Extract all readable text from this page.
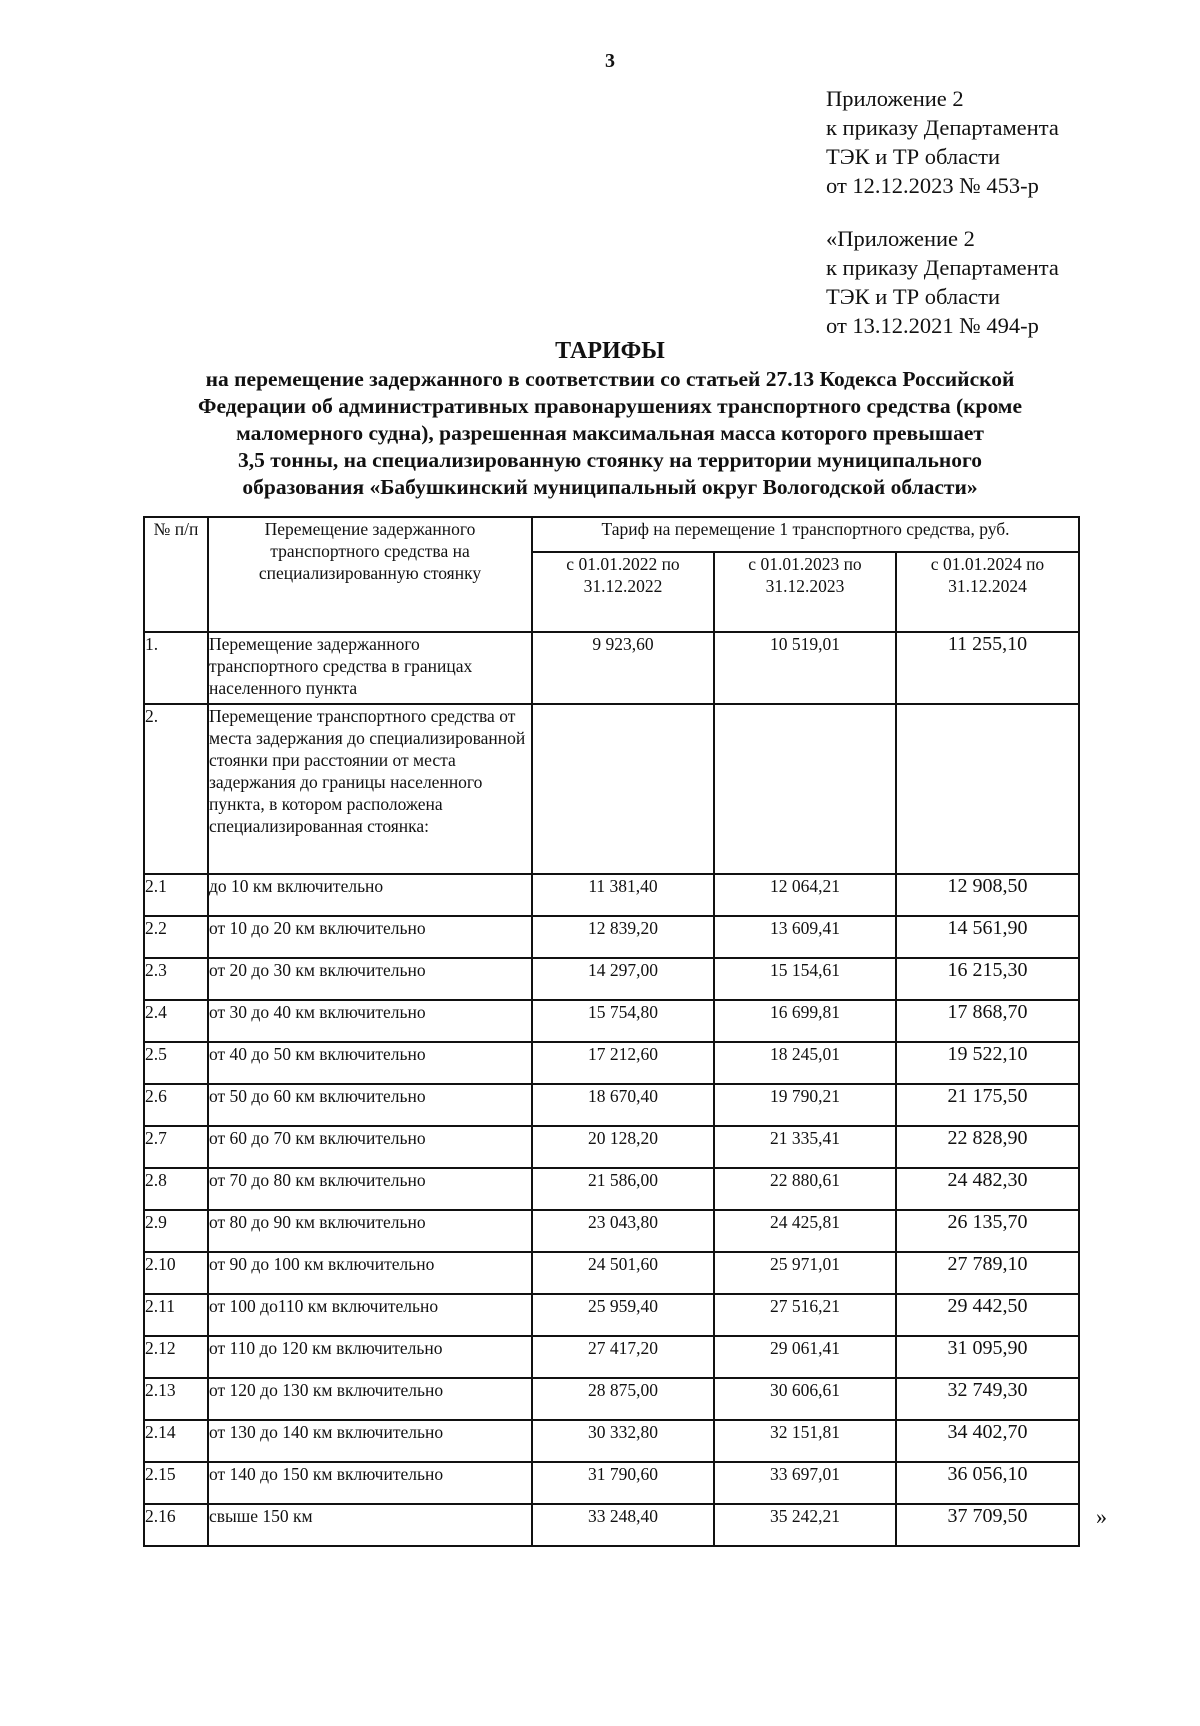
3
Приложение 2
к приказу Департамента
ТЭК и ТР области
от 12.12.2023 № 453-р
«Приложение 2
к приказу Департамента
ТЭК и ТР области
от 13.12.2021 № 494-р
ТАРИФЫ
на перемещение задержанного в соответствии со статьей 27.13 Кодекса Российской
Федерации об административных правонарушениях транспортного средства (кроме
маломерного судна), разрешенная максимальная масса которого превышает
3,5 тонны, на специализированную стоянку на территории муниципального
образования «Бабушкинский муниципальный округ Вологодской области»
№ п/п	Перемещение задержанного транспортного средства на специализированную стоянку	Тариф на перемещение 1 транспортного средства, руб.		
		с 01.01.2022 по 31.12.2022	с 01.01.2023 по 31.12.2023	с 01.01.2024 по 31.12.2024
1.	Перемещение задержанного транспортного средства в границах населенного пункта	9 923,60	10 519,01	11 255,10
2.	Перемещение транспортного средства от места задержания до специализированной стоянки при расстоянии от места задержания до границы населенного пункта, в котором расположена специализированная стоянка:			
2.1	до 10 км включительно	11 381,40	12 064,21	12 908,50
2.2	от 10 до 20 км включительно	12 839,20	13 609,41	14 561,90
2.3	от 20 до 30 км включительно	14 297,00	15 154,61	16 215,30
2.4	от 30 до 40 км включительно	15 754,80	16 699,81	17 868,70
2.5	от 40 до 50 км включительно	17 212,60	18 245,01	19 522,10
2.6	от 50 до 60 км включительно	18 670,40	19 790,21	21 175,50
2.7	от 60 до 70 км включительно	20 128,20	21 335,41	22 828,90
2.8	от 70 до 80 км включительно	21 586,00	22 880,61	24 482,30
2.9	от 80 до 90 км включительно	23 043,80	24 425,81	26 135,70
2.10	от 90 до 100 км включительно	24 501,60	25 971,01	27 789,10
2.11	от 100 до110 км включительно	25 959,40	27 516,21	29 442,50
2.12	от 110 до 120 км включительно	27 417,20	29 061,41	31 095,90
2.13	от 120 до 130 км включительно	28 875,00	30 606,61	32 749,30
2.14	от 130 до 140 км включительно	30 332,80	32 151,81	34 402,70
2.15	от 140 до 150 км включительно	31 790,60	33 697,01	36 056,10
2.16	свыше 150 км	33 248,40	35 242,21	37 709,50	»
